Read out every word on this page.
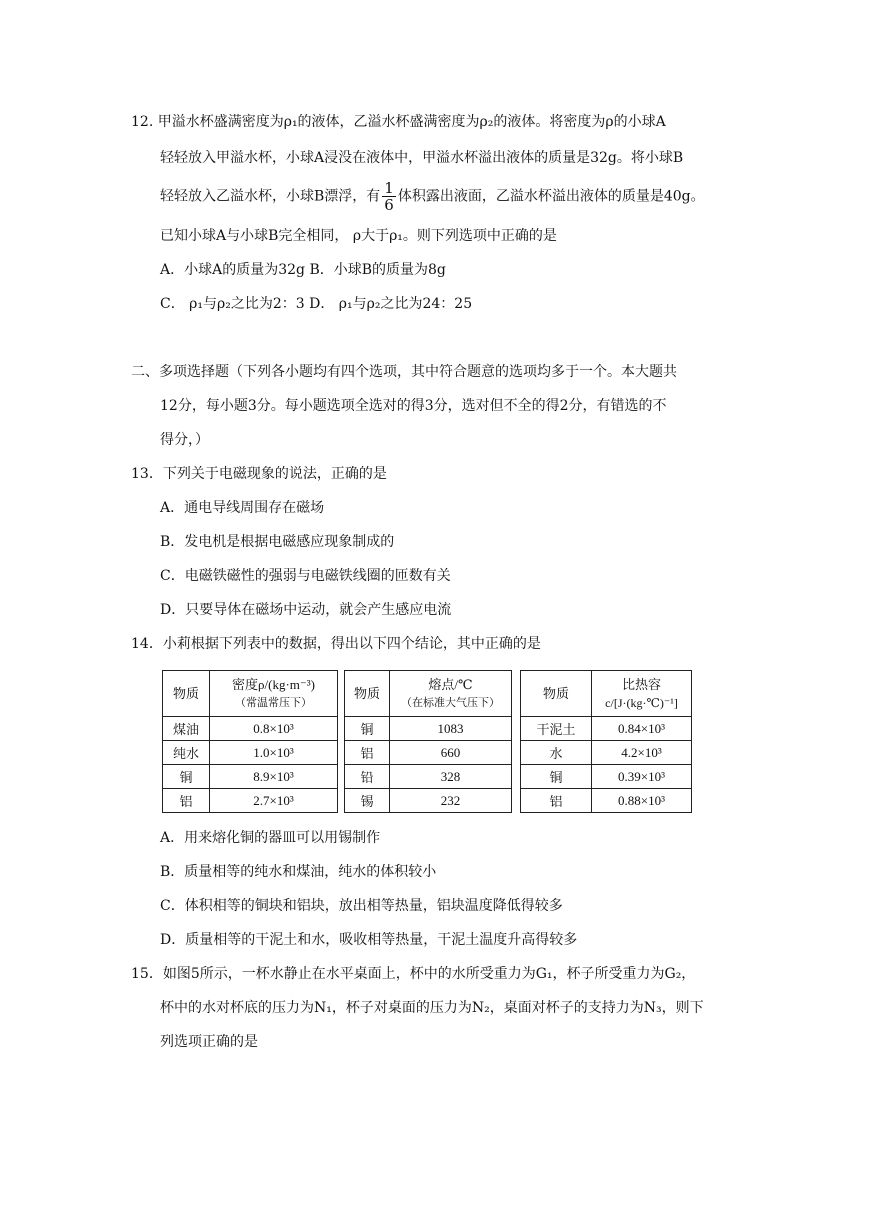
12. 甲溢水杯盛满密度为ρ₁的液体，乙溢水杯盛满密度为ρ₂的液体。将密度为ρ的小球A
轻轻放入甲溢水杯，小球A浸没在液体中，甲溢水杯溢出液体的质量是32g。将小球B
轻轻放入乙溢水杯，小球B漂浮，有 $\frac{1}{6}$ 体积露出液面，乙溢水杯溢出液体的质量是40g。
已知小球A与小球B完全相同， ρ大于ρ₁。则下列选项中正确的是
A．小球A的质量为32g B．小球B的质量为8g
C． ρ₁与ρ₂之比为2：3 D． ρ₁与ρ₂之比为24：25
二、多项选择题（下列各小题均有四个选项，其中符合题意的选项均多于一个。本大题共
12分，每小题3分。每小题选项全选对的得3分，选对但不全的得2分，有错选的不
得分，）
13．下列关于电磁现象的说法，正确的是
A．通电导线周围存在磁场
B．发电机是根据电磁感应现象制成的
C．电磁铁磁性的强弱与电磁铁线圈的匝数有关
D．只要导体在磁场中运动，就会产生感应电流
14．小莉根据下列表中的数据，得出以下四个结论，其中正确的是
物质	密度ρ/(kg·m⁻³)
（常温常压下）

煤油	0.8×10³
纯水	1.0×10³
铜	8.9×10³
铝	2.7×10³
物质	熔点/℃
（在标准大气压下）

铜	1083
铝	660
铅	328
锡	232
物质	比热容
c/[J·(kg·℃)⁻¹]

干泥土	0.84×10³
水	4.2×10³
铜	0.39×10³
铝	0.88×10³
A．用来熔化铜的器皿可以用锡制作
B．质量相等的纯水和煤油，纯水的体积较小
C．体积相等的铜块和铝块，放出相等热量，铝块温度降低得较多
D．质量相等的干泥土和水，吸收相等热量，干泥土温度升高得较多
15．如图5所示，一杯水静止在水平桌面上，杯中的水所受重力为G₁，杯子所受重力为G₂，
杯中的水对杯底的压力为N₁，杯子对桌面的压力为N₂，桌面对杯子的支持力为N₃，则下
列选项正确的是
